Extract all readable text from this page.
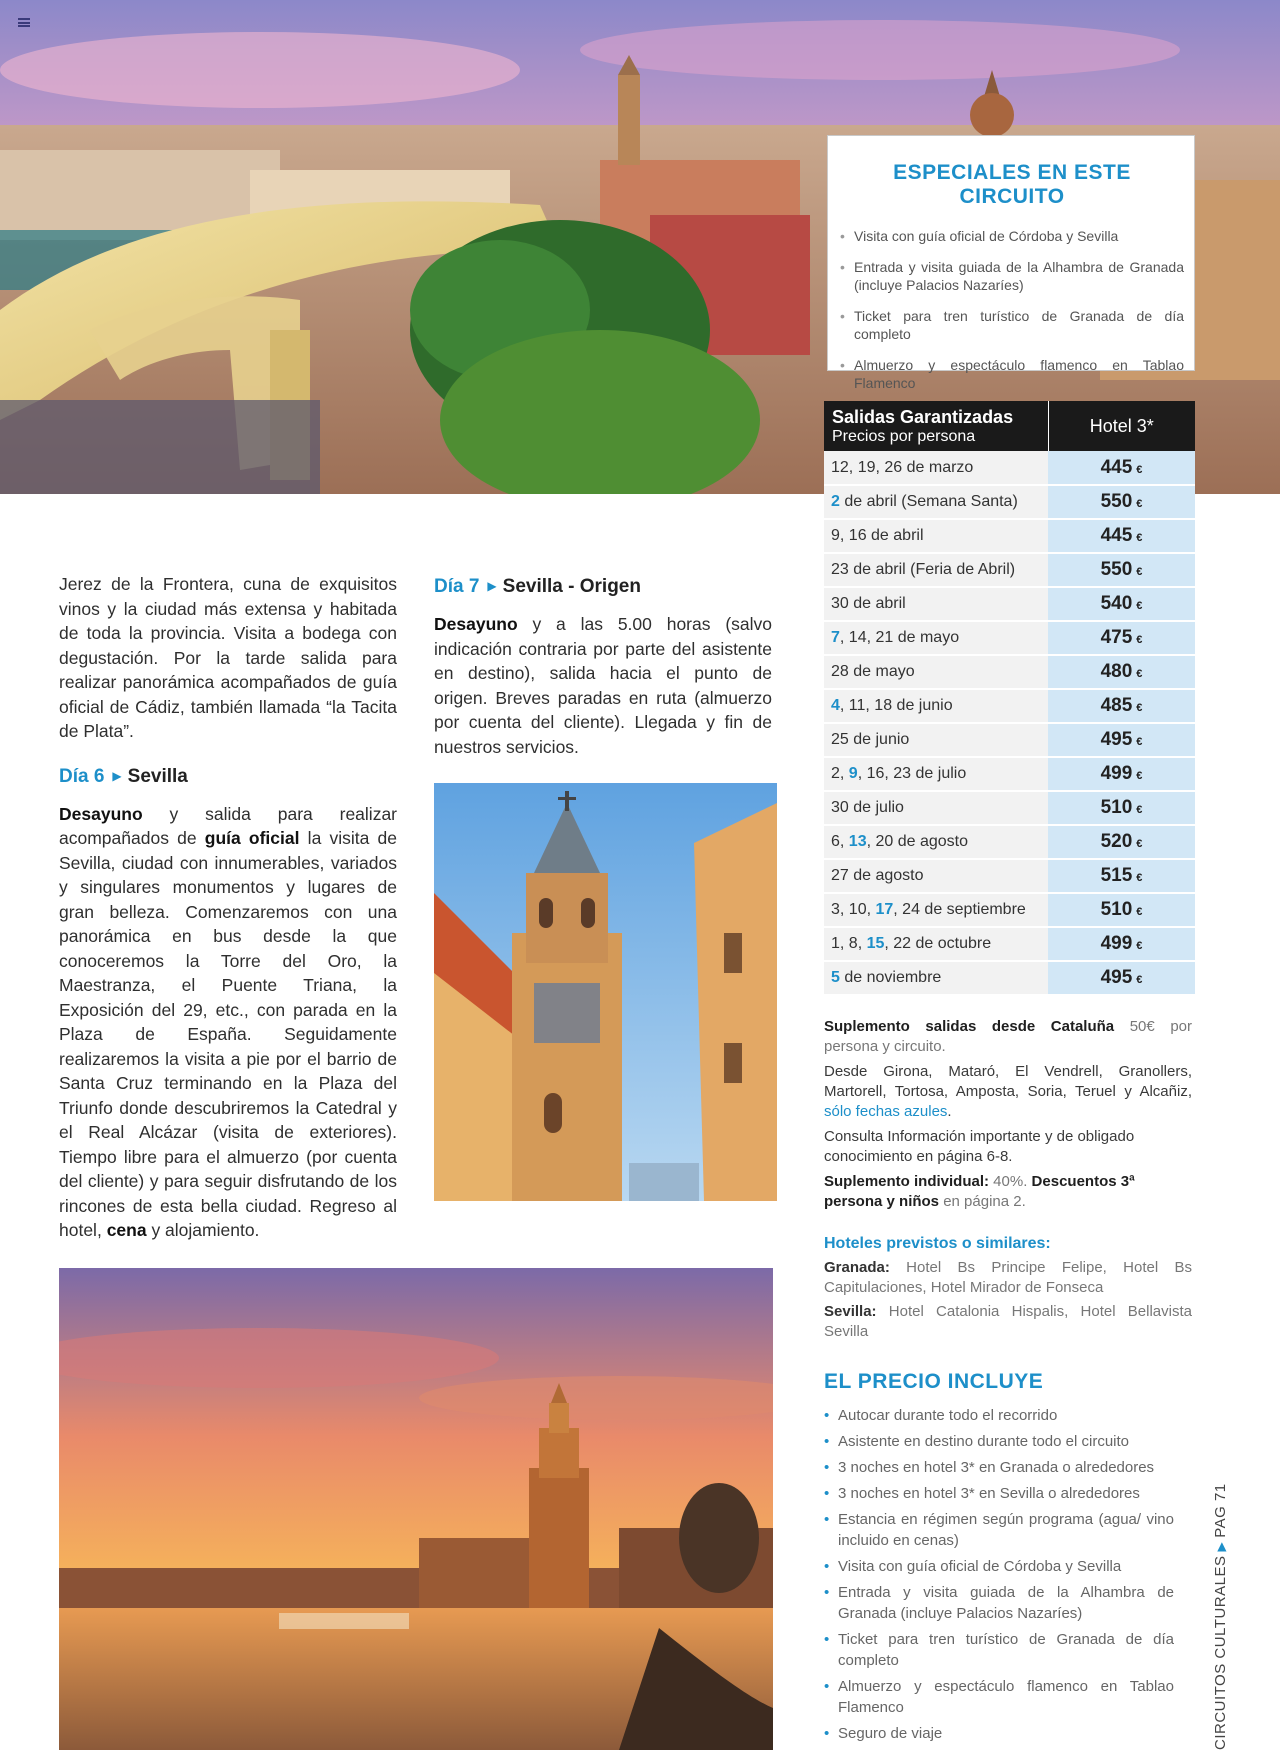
ESPECIALES EN ESTE CIRCUITO
• Visita con guía oficial de Córdoba y Sevilla
• Entrada y visita guiada de la Alhambra de Granada (incluye Palacios Nazaríes)
• Ticket para tren turístico de Granada de día completo
• Almuerzo y espectáculo flamenco en Tablao Flamenco
Salidas Garantizadas
Precios por persona	Hotel 3*
12, 19, 26 de marzo	445 €
2 de abril (Semana Santa)	550 €
9, 16 de abril	445 €
23 de abril (Feria de Abril)	550 €
30 de abril	540 €
7, 14, 21 de mayo	475 €
28 de mayo	480 €
4, 11, 18 de junio	485 €
25 de junio	495 €
2, 9, 16, 23 de julio	499 €
30 de julio	510 €
6, 13, 20 de agosto	520 €
27 de agosto	515 €
3, 10, 17, 24 de septiembre	510 €
1, 8, 15, 22 de octubre	499 €
5 de noviembre	495 €

Suplemento salidas desde Cataluña 50€ por persona y circuito.

Desde Girona, Mataró, El Vendrell, Granollers, Martorell, Tortosa, Amposta, Soria, Teruel y Alcañiz, sólo fechas azules.

Consulta Información importante y de obligado conocimiento en página 6-8.

Suplemento individual: 40%. Descuentos 3ª persona y niños en página 2.

Hoteles previstos o similares:

Granada: Hotel Bs Principe Felipe, Hotel Bs Capitulaciones, Hotel Mirador de Fonseca

Sevilla: Hotel Catalonia Hispalis, Hotel Bellavista Sevilla

EL PRECIO INCLUYE
• Autocar durante todo el recorrido
• Asistente en destino durante todo el circuito
• 3 noches en hotel 3* en Granada o alrededores
• 3 noches en hotel 3* en Sevilla o alrededores
• Estancia en régimen según programa (agua/ vino incluido en cenas)
• Visita con guía oficial de Córdoba y Sevilla
• Entrada y visita guiada de la Alhambra de Granada (incluye Palacios Nazaríes)
• Ticket para tren turístico de Granada de día completo
• Almuerzo y espectáculo flamenco en Tablao Flamenco
• Seguro de viaje

Jerez de la Frontera, cuna de exquisitos vinos y la ciudad más extensa y habitada de toda la provincia. Visita a bodega con degustación. Por la tarde salida para realizar panorámica acompañados de guía oficial de Cádiz, también llamada “la Tacita de Plata”.

Día 6 ▶ Sevilla

Desayuno y salida para realizar acompañados de guía oficial la visita de Sevilla, ciudad con innumerables, variados y singulares monumentos y lugares de gran belleza. Comenzaremos con una panorámica en bus desde la que conoceremos la Torre del Oro, la Maestranza, el Puente Triana, la Exposición del 29, etc., con parada en la Plaza de España. Seguidamente realizaremos la visita a pie por el barrio de Santa Cruz terminando en la Plaza del Triunfo donde descubriremos la Catedral y el Real Alcázar (visita de exteriores). Tiempo libre para el almuerzo (por cuenta del cliente) y para seguir disfrutando de los rincones de esta bella ciudad. Regreso al hotel, cena y alojamiento.

Día 7 ▶ Sevilla - Origen

Desayuno y a las 5.00 horas (salvo indicación contraria por parte del asistente en destino), salida hacia el punto de origen. Breves paradas en ruta (almuerzo por cuenta del cliente). Llegada y fin de nuestros servicios.

CIRCUITOS CULTURALES▶PAG 71
